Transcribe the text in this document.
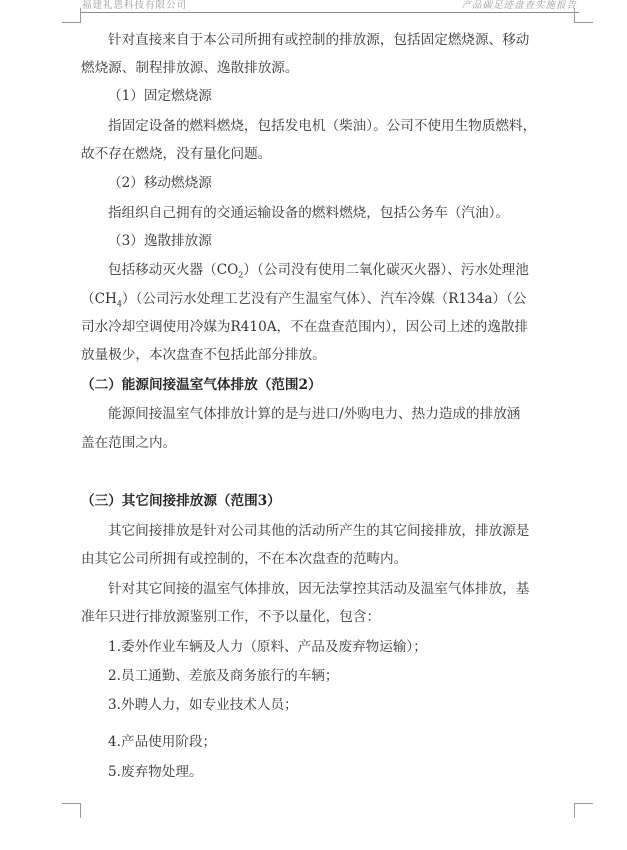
福建礼恩科技有限公司	产品碳足迹盘查实施报告

针对直接来自于本公司所拥有或控制的排放源，包括固定燃烧源、移动

燃烧源、制程排放源、逸散排放源。

（1）固定燃烧源

指固定设备的燃料燃烧，包括发电机（柴油）。公司不使用生物质燃料，

故不存在燃烧，没有量化问题。

（2）移动燃烧源

指组织自己拥有的交通运输设备的燃料燃烧，包括公务车（汽油）。

（3）逸散排放源

包括移动灭火器$(CO_2)$（公司没有使用二氧化碳灭火器）、污水处理池

$(CH_4)$（公司污水处理工艺没有产生温室气体）、汽车冷媒（R134a）（公

司水冷却空调使用冷媒为R410A，不在盘查范围内），因公司上述的逸散排

放量极少，本次盘查不包括此部分排放。

（二）能源间接温室气体排放（范围2）

能源间接温室气体排放计算的是与进口/外购电力、热力造成的排放涵

盖在范围之内。

（三）其它间接排放源（范围3）

其它间接排放是针对公司其他的活动所产生的其它间接排放，排放源是

由其它公司所拥有或控制的，不在本次盘查的范畴内。

针对其它间接的温室气体排放，因无法掌控其活动及温室气体排放，基

准年只进行排放源鉴别工作，不予以量化，包含：

1.委外作业车辆及人力（原料、产品及废弃物运输）；

2.员工通勤、差旅及商务旅行的车辆；

3.外聘人力，如专业技术人员；

4.产品使用阶段；

5.废弃物处理。
